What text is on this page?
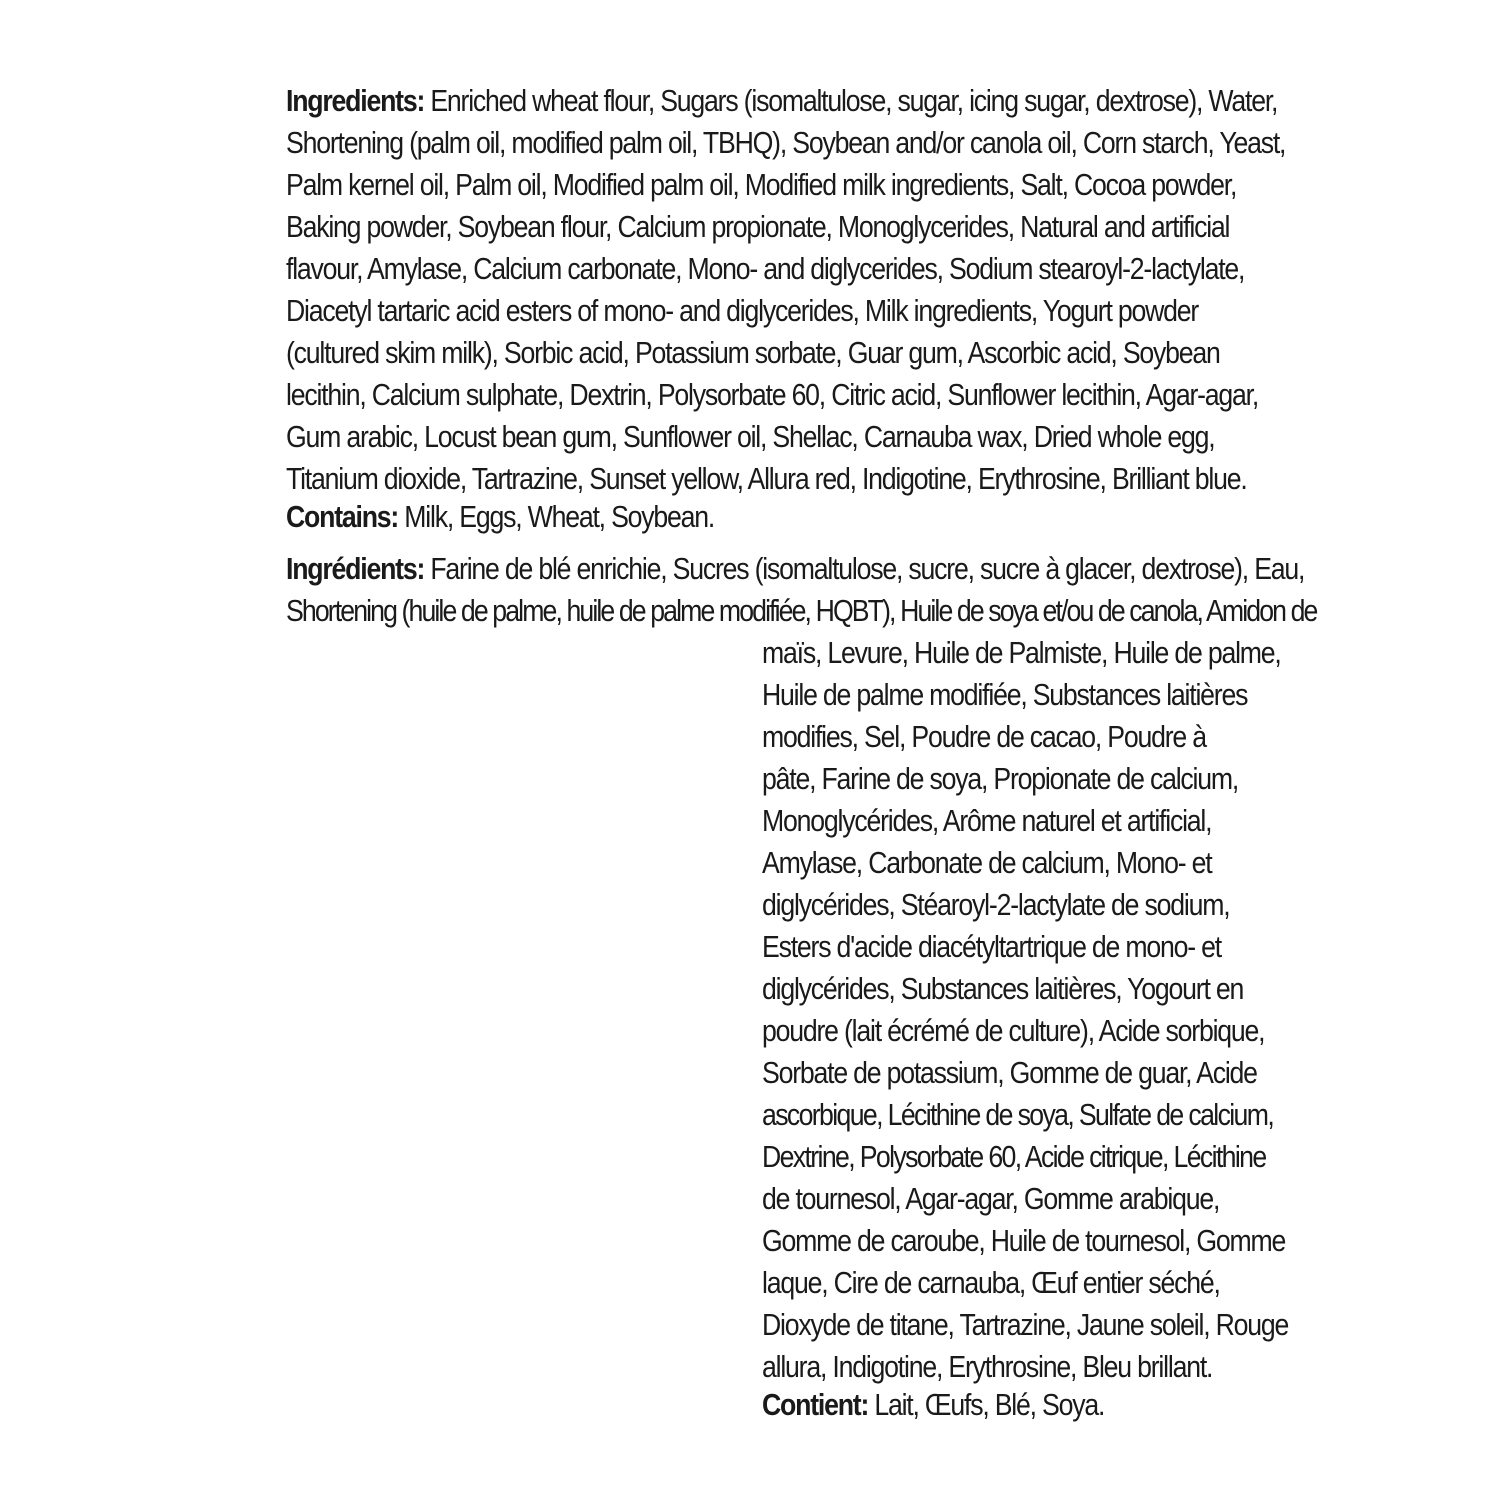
Ingredients: Enriched wheat flour, Sugars (isomaltulose, sugar, icing sugar, dextrose), Water,
Shortening (palm oil, modified palm oil, TBHQ), Soybean and/or canola oil, Corn starch, Yeast,
Palm kernel oil, Palm oil, Modified palm oil, Modified milk ingredients, Salt, Cocoa powder,
Baking powder, Soybean flour, Calcium propionate, Monoglycerides, Natural and artificial
flavour, Amylase, Calcium carbonate, Mono- and diglycerides, Sodium stearoyl-2-lactylate,
Diacetyl tartaric acid esters of mono- and diglycerides, Milk ingredients, Yogurt powder
(cultured skim milk), Sorbic acid, Potassium sorbate, Guar gum, Ascorbic acid, Soybean
lecithin, Calcium sulphate, Dextrin, Polysorbate 60, Citric acid, Sunflower lecithin, Agar-agar,
Gum arabic, Locust bean gum, Sunflower oil, Shellac, Carnauba wax, Dried whole egg,
Titanium dioxide, Tartrazine, Sunset yellow, Allura red, Indigotine, Erythrosine, Brilliant blue.
Contains: Milk, Eggs, Wheat, Soybean.
Ingrédients: Farine de blé enrichie, Sucres (isomaltulose, sucre, sucre à glacer, dextrose), Eau,
Shortening (huile de palme, huile de palme modifiée, HQBT), Huile de soya et/ou de canola, Amidon de
maïs, Levure, Huile de Palmiste, Huile de palme,
Huile de palme modifiée, Substances laitières
modifies, Sel, Poudre de cacao, Poudre à
pâte, Farine de soya, Propionate de calcium,
Monoglycérides, Arôme naturel et artificial,
Amylase, Carbonate de calcium, Mono- et
diglycérides, Stéaroyl-2-lactylate de sodium,
Esters d'acide diacétyltartrique de mono- et
diglycérides, Substances laitières, Yogourt en
poudre (lait écrémé de culture), Acide sorbique,
Sorbate de potassium, Gomme de guar, Acide
ascorbique, Lécithine de soya, Sulfate de calcium,
Dextrine, Polysorbate 60, Acide citrique, Lécithine
de tournesol, Agar-agar, Gomme arabique,
Gomme de caroube, Huile de tournesol, Gomme
laque, Cire de carnauba, Œuf entier séché,
Dioxyde de titane, Tartrazine, Jaune soleil, Rouge
allura, Indigotine, Erythrosine, Bleu brillant.
Contient: Lait, Œufs, Blé, Soya.
